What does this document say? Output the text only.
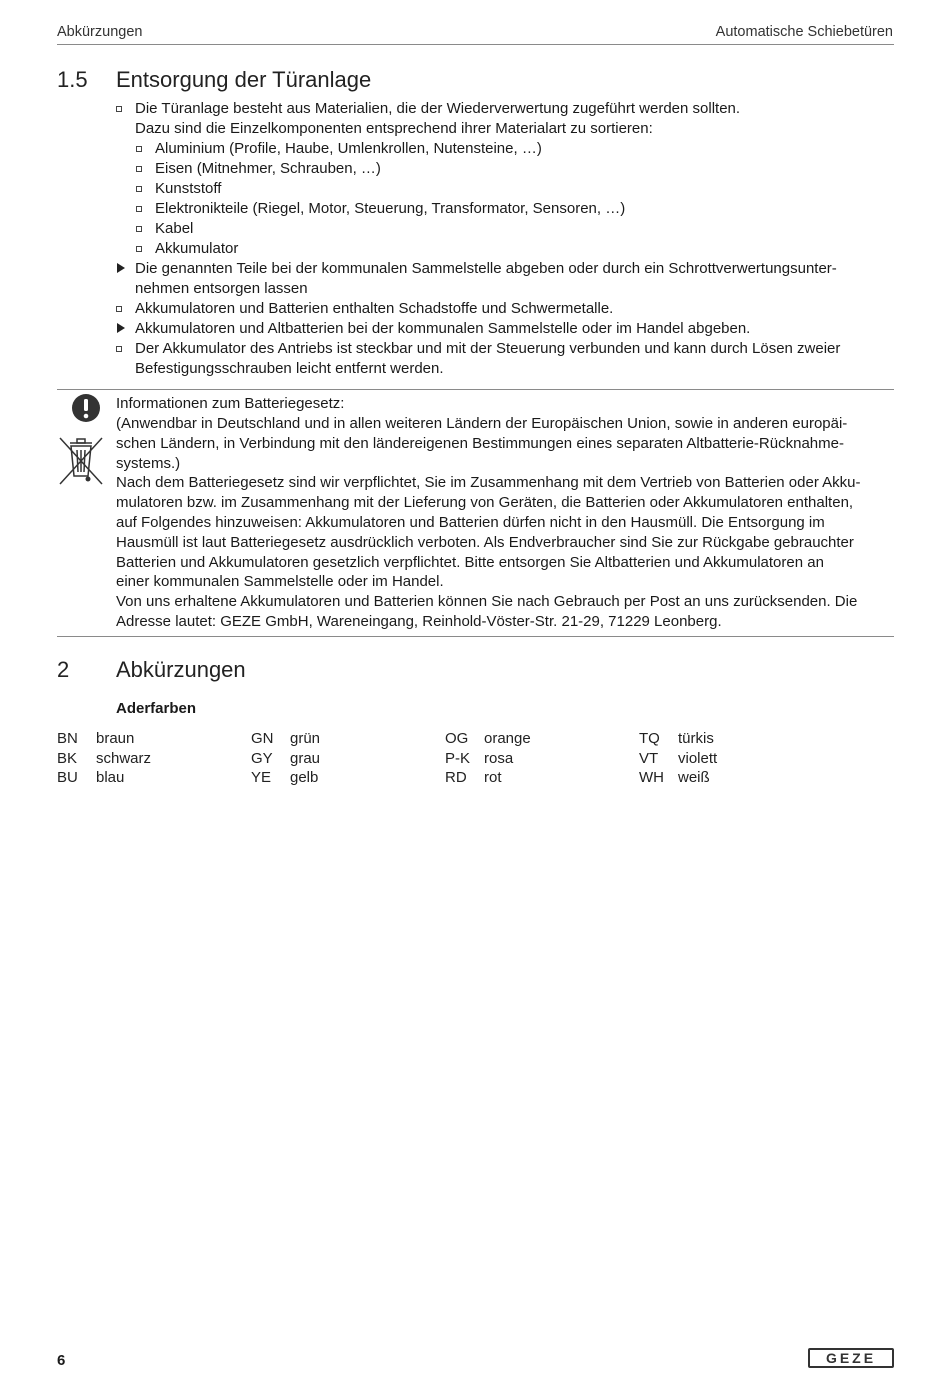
Abkürzungen	Automatische Schiebetüren
1.5 Entsorgung der Türanlage
Die Türanlage besteht aus Materialien, die der Wiederverwertung zugeführt werden sollten.
Dazu sind die Einzelkomponenten entsprechend ihrer Materialart zu sortieren:
Aluminium (Profile, Haube, Umlenkrollen, Nutensteine, …)
Eisen (Mitnehmer, Schrauben, …)
Kunststoff
Elektronikteile (Riegel, Motor, Steuerung, Transformator, Sensoren, …)
Kabel
Akkumulator
Die genannten Teile bei der kommunalen Sammelstelle abgeben oder durch ein Schrottverwertungsunter-
nehmen entsorgen lassen
Akkumulatoren und Batterien enthalten Schadstoffe und Schwermetalle.
Akkumulatoren und Altbatterien bei der kommunalen Sammelstelle oder im Handel abgeben.
Der Akkumulator des Antriebs ist steckbar und mit der Steuerung verbunden und kann durch Lösen zweier
Befestigungsschrauben leicht entfernt werden.
Informationen zum Batteriegesetz:
(Anwendbar in Deutschland und in allen weiteren Ländern der Europäischen Union, sowie in anderen europäi-
schen Ländern, in Verbindung mit den ländereigenen Bestimmungen eines separaten Altbatterie-Rücknahme-
systems.)
Nach dem Batteriegesetz sind wir verpflichtet, Sie im Zusammenhang mit dem Vertrieb von Batterien oder Akku-
mulatoren bzw. im Zusammenhang mit der Lieferung von Geräten, die Batterien oder Akkumulatoren enthalten,
auf Folgendes hinzuweisen: Akkumulatoren und Batterien dürfen nicht in den Hausmüll. Die Entsorgung im
Hausmüll ist laut Batteriegesetz ausdrücklich verboten. Als Endverbraucher sind Sie zur Rückgabe gebrauchter
Batterien und Akkumulatoren gesetzlich verpflichtet. Bitte entsorgen Sie Altbatterien und Akkumulatoren an
einer kommunalen Sammelstelle oder im Handel.
Von uns erhaltene Akkumulatoren und Batterien können Sie nach Gebrauch per Post an uns zurücksenden. Die
Adresse lautet: GEZE GmbH, Wareneingang, Reinhold-Vöster-Str. 21-29, 71229 Leonberg.
2 Abkürzungen
Aderfarben
BN braun
BK schwarz
BU blau
GN grün
GY grau
YE gelb
OG orange
P-K rosa
RD rot
TQ türkis
VT violett
WH weiß
6	GEZE
